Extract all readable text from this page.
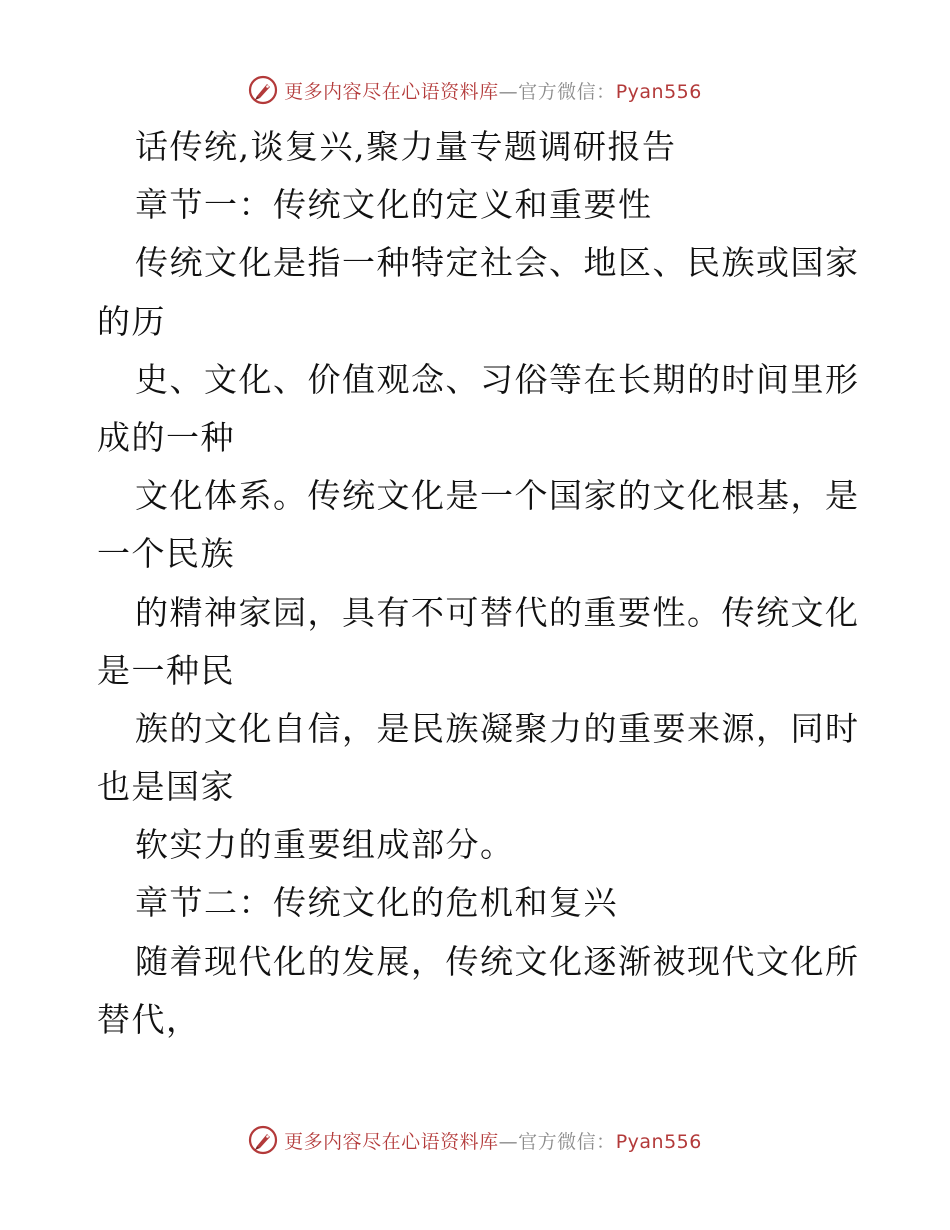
更多内容尽在心语资料库—官方微信：Pyan556
话传统,谈复兴,聚力量专题调研报告
章节一：传统文化的定义和重要性
传统文化是指一种特定社会、地区、民族或国家
的历
史、文化、价值观念、习俗等在长期的时间里形
成的一种
文化体系。传统文化是一个国家的文化根基，是
一个民族
的精神家园，具有不可替代的重要性。传统文化
是一种民
族的文化自信，是民族凝聚力的重要来源，同时
也是国家
软实力的重要组成部分。
章节二：传统文化的危机和复兴
随着现代化的发展，传统文化逐渐被现代文化所
替代，
更多内容尽在心语资料库—官方微信：Pyan556
